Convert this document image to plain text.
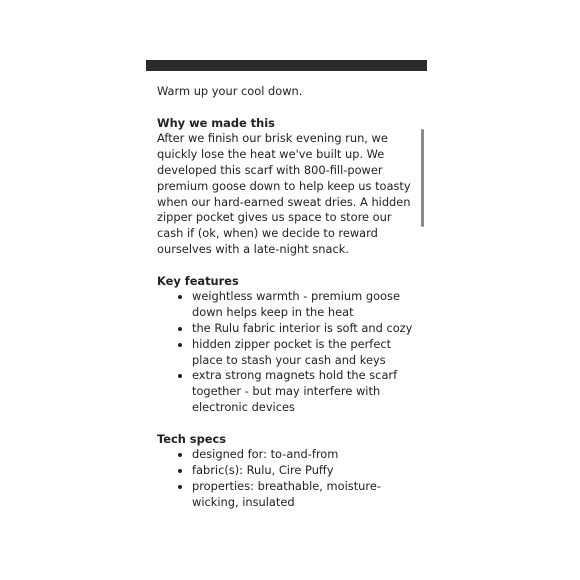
Warm up your cool down.

Why we made this

After we finish our brisk evening run, we quickly lose the heat we've built up. We developed this scarf with 800-fill-power premium goose down to help keep us toasty when our hard-earned sweat dries. A hidden zipper pocket gives us space to store our cash if (ok, when) we decide to reward ourselves with a late-night snack.

Key features

• weightless warmth - premium goose down helps keep in the heat
• the Rulu fabric interior is soft and cozy
• hidden zipper pocket is the perfect place to stash your cash and keys
• extra strong magnets hold the scarf together - but may interfere with electronic devices

Tech specs

• designed for: to-and-from
• fabric(s): Rulu, Cire Puffy
• properties: breathable, moisture-wicking, insulated
